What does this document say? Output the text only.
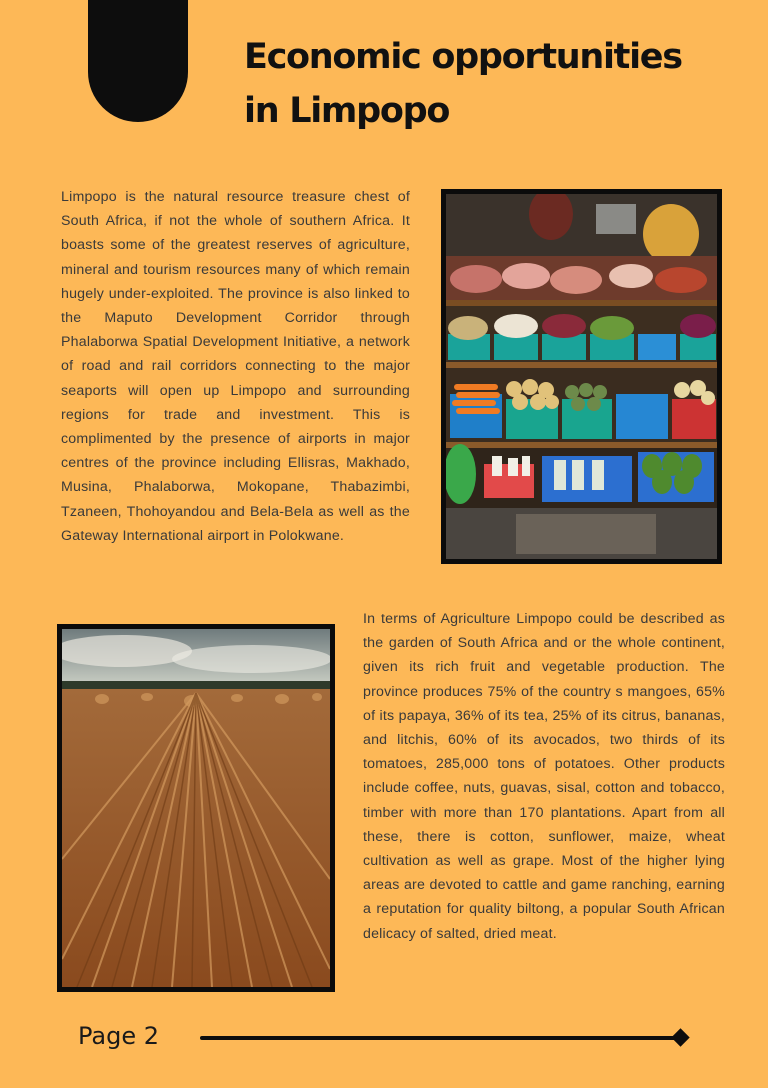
Economic opportunities
in Limpopo

Limpopo is the natural resource treasure chest of South Africa, if not the whole of southern Africa. It boasts some of the greatest reserves of agriculture, mineral and tourism resources many of which remain hugely under-exploited. The province is also linked to the Maputo Development Corridor through Phalaborwa Spatial Development Initiative, a network of road and rail corridors connecting to the major seaports will open up Limpopo and surrounding regions for trade and investment. This is complimented by the presence of airports in major centres of the province including Ellisras, Makhado, Musina, Phalaborwa, Mokopane, Thabazimbi, Tzaneen, Thohoyandou and Bela-Bela as well as the Gateway International airport in Polokwane.

In terms of Agriculture Limpopo could be described as the garden of South Africa and or the whole continent, given its rich fruit and vegetable production. The province produces 75% of the country s mangoes, 65% of its papaya, 36% of its tea, 25% of its citrus, bananas, and litchis, 60% of its avocados, two thirds of its tomatoes, 285,000 tons of potatoes. Other products include coffee, nuts, guavas, sisal, cotton and tobacco, timber with more than 170 plantations. Apart from all these, there is cotton, sunflower, maize, wheat cultivation as well as grape. Most of the higher lying areas are devoted to cattle and game ranching, earning a reputation for quality biltong, a popular South African delicacy of salted, dried meat.

Page 2
